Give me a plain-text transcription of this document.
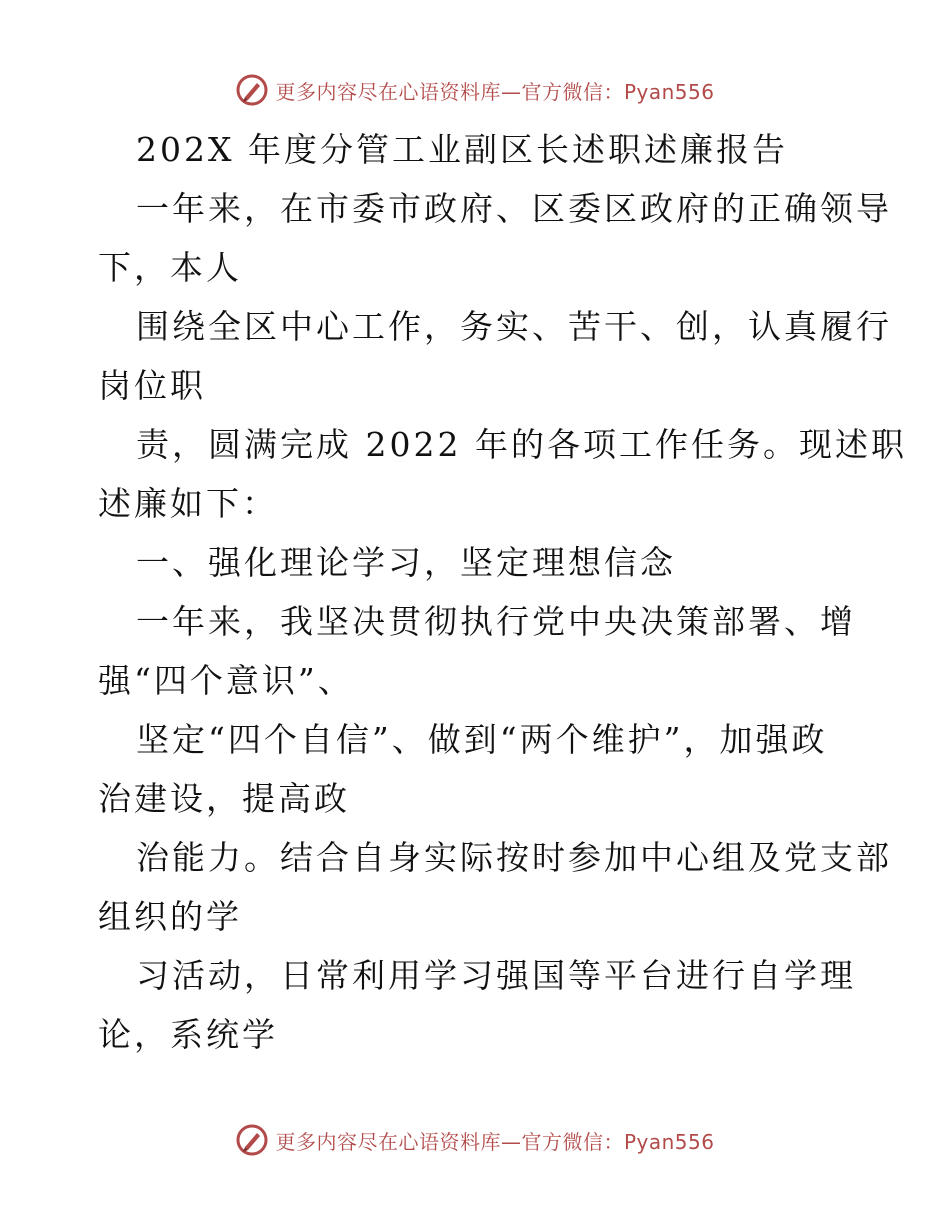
更多内容尽在心语资料库—官方微信：Pyan556
202X 年度分管工业副区长述职述廉报告
一年来，在市委市政府、区委区政府的正确领导
下，本人
围绕全区中心工作，务实、苦干、创，认真履行
岗位职
责，圆满完成 2022 年的各项工作任务。现述职
述廉如下：
一、强化理论学习，坚定理想信念
一年来，我坚决贯彻执行党中央决策部署、增
强“四个意识”、
坚定“四个自信”、做到“两个维护”，加强政
治建设，提高政
治能力。结合自身实际按时参加中心组及党支部
组织的学
习活动，日常利用学习强国等平台进行自学理
论，系统学
更多内容尽在心语资料库—官方微信：Pyan556
